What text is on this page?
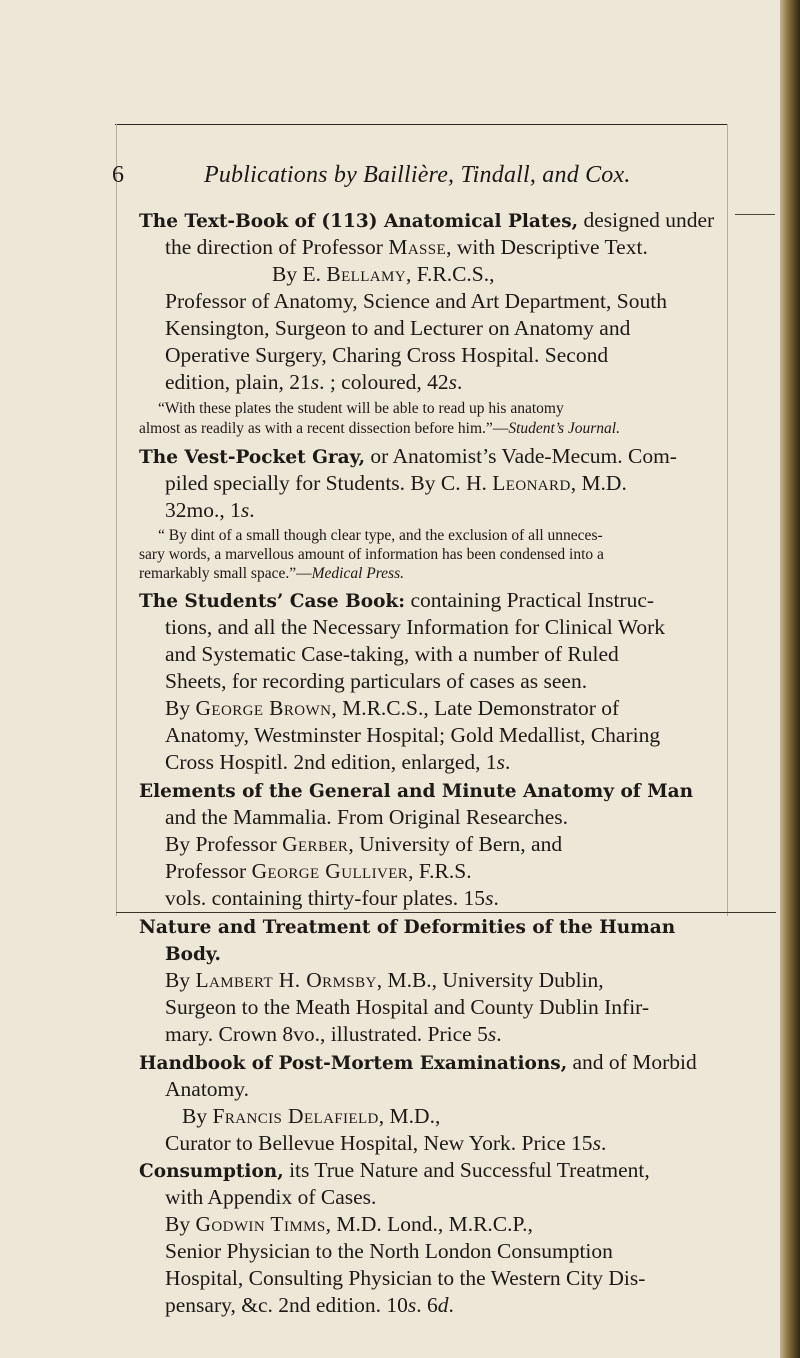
6	Publications by Baillière, Tindall, and Cox.
The Text-Book of (113) Anatomical Plates, designed under
the direction of Professor Masse, with Descriptive Text.
By E. Bellamy, F.R.C.S.,
Professor of Anatomy, Science and Art Department, South
Kensington, Surgeon to and Lecturer on Anatomy and
Operative Surgery, Charing Cross Hospital. Second
edition, plain, 21s. ; coloured, 42s.
“With these plates the student will be able to read up his anatomy
almost as readily as with a recent dissection before him.”—Student’s Journal.
The Vest-Pocket Gray, or Anatomist’s Vade-Mecum. Com-
piled specially for Students. By C. H. Leonard, M.D.
32mo., 1s.
“ By dint of a small though clear type, and the exclusion of all unneces-
sary words, a marvellous amount of information has been condensed into a
remarkably small space.”—Medical Press.
The Students’ Case Book: containing Practical Instruc-
tions, and all the Necessary Information for Clinical Work
and Systematic Case-taking, with a number of Ruled
Sheets, for recording particulars of cases as seen.
By George Brown, M.R.C.S., Late Demonstrator of
Anatomy, Westminster Hospital; Gold Medallist, Charing
Cross Hospitl. 2nd edition, enlarged, 1s.
Elements of the General and Minute Anatomy of Man
and the Mammalia. From Original Researches.
By Professor Gerber, University of Bern, and
Professor George Gulliver, F.R.S.
vols. containing thirty-four plates. 15s.
Nature and Treatment of Deformities of the Human
Body.
By Lambert H. Ormsby, M.B., University Dublin,
Surgeon to the Meath Hospital and County Dublin Infir-
mary. Crown 8vo., illustrated. Price 5s.
Handbook of Post-Mortem Examinations, and of Morbid
Anatomy.
By Francis Delafield, M.D.,
Curator to Bellevue Hospital, New York. Price 15s.
Consumption, its True Nature and Successful Treatment,
with Appendix of Cases.
By Godwin Timms, M.D. Lond., M.R.C.P.,
Senior Physician to the North London Consumption
Hospital, Consulting Physician to the Western City Dis-
pensary, &c. 2nd edition. 10s. 6d.
